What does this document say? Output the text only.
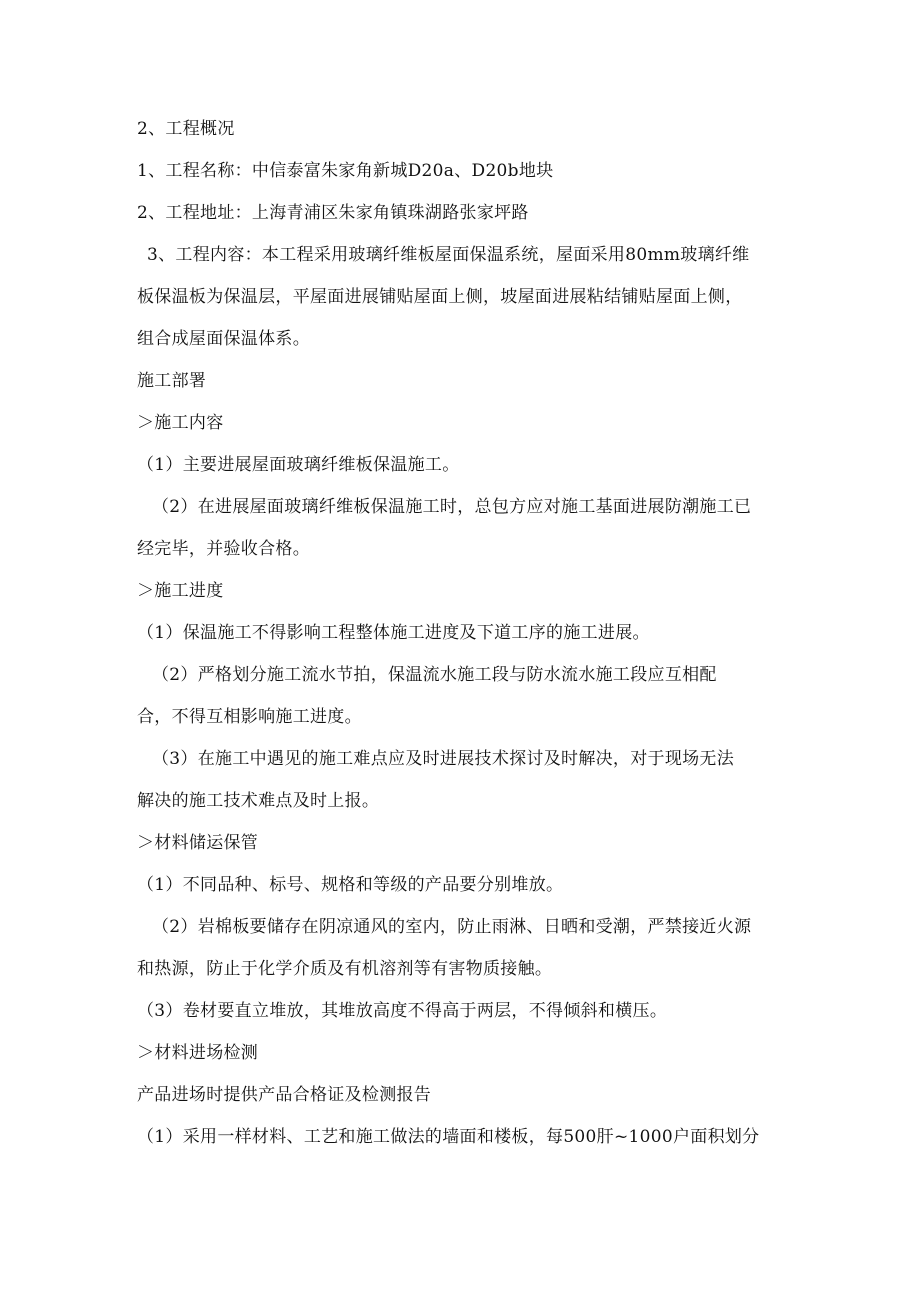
2、工程概况
1、工程名称：中信泰富朱家角新城D20a、D20b地块
2、工程地址：上海青浦区朱家角镇珠湖路张家坪路
3、工程内容：本工程采用玻璃纤维板屋面保温系统，屋面采用80mm玻璃纤维
板保温板为保温层，平屋面进展铺贴屋面上侧，坡屋面进展粘结铺贴屋面上侧，
组合成屋面保温体系。
施工部署
＞施工内容
（1）主要进展屋面玻璃纤维板保温施工。
（2）在进展屋面玻璃纤维板保温施工时，总包方应对施工基面进展防潮施工已
经完毕，并验收合格。
＞施工进度
（1）保温施工不得影响工程整体施工进度及下道工序的施工进展。
（2）严格划分施工流水节拍，保温流水施工段与防水流水施工段应互相配
合，不得互相影响施工进度。
（3）在施工中遇见的施工难点应及时进展技术探讨及时解决，对于现场无法
解决的施工技术难点及时上报。
＞材料储运保管
（1）不同品种、标号、规格和等级的产品要分别堆放。
（2）岩棉板要储存在阴凉通风的室内，防止雨淋、日晒和受潮，严禁接近火源
和热源，防止于化学介质及有机溶剂等有害物质接触。
（3）卷材要直立堆放，其堆放高度不得高于两层，不得倾斜和横压。
＞材料进场检测
产品进场时提供产品合格证及检测报告
（1）采用一样材料、工艺和施工做法的墙面和楼板，每500肝~1000户面积划分
